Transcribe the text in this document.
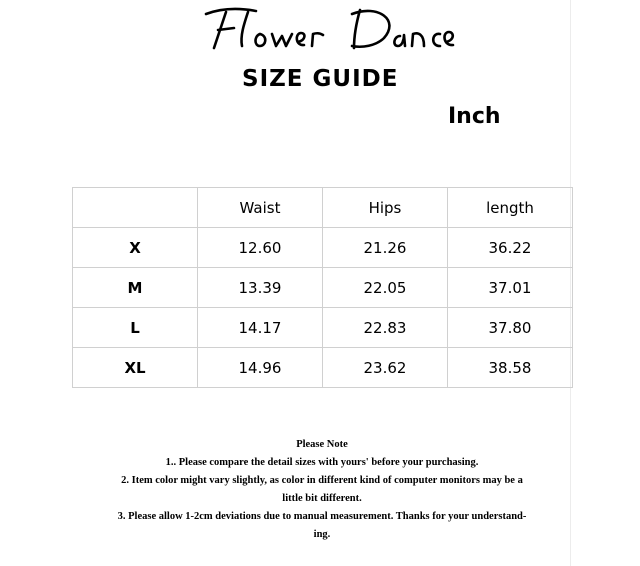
SIZE GUIDE
Inch
	Waist	Hips	length
X	12.60	21.26	36.22
M	13.39	22.05	37.01
L	14.17	22.83	37.80
XL	14.96	23.62	38.58
Please Note
1.. Please compare the detail sizes with yours' before your purchasing.
2. Item color might vary slightly, as color in different kind of computer monitors may be a
little bit different.
3. Please allow 1-2cm deviations due to manual measurement. Thanks for your understand-
ing.
